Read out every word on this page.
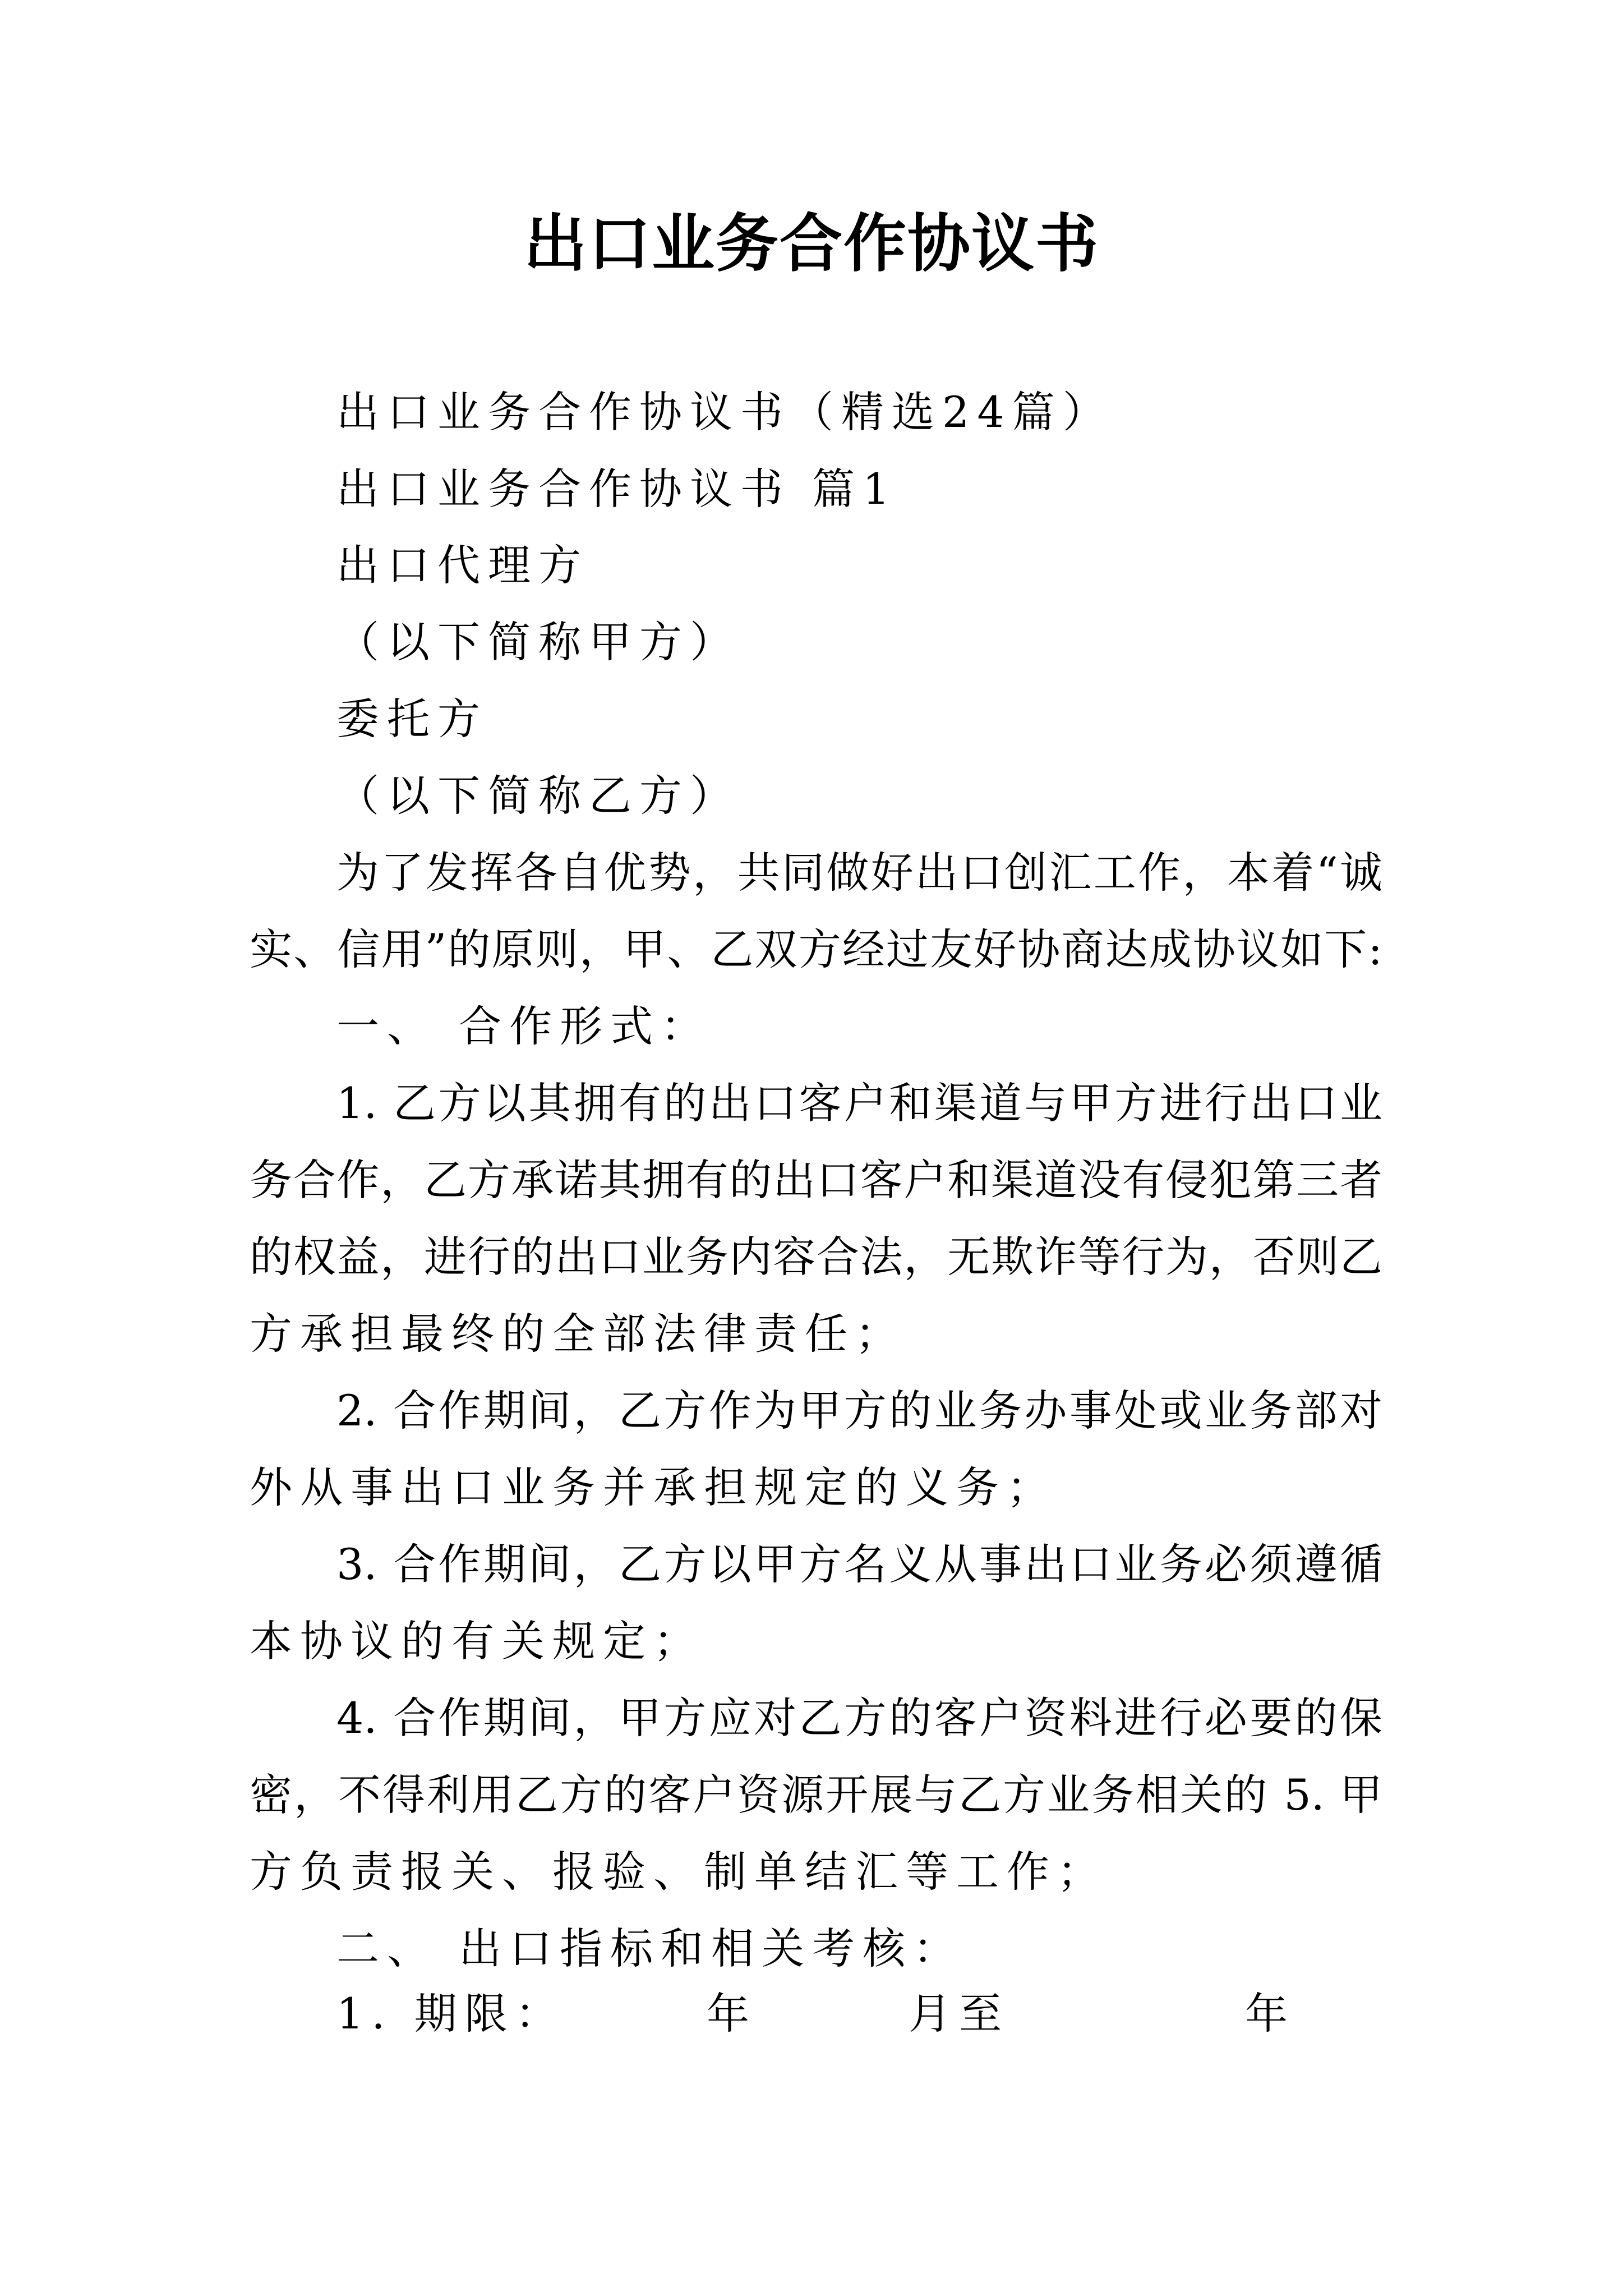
出口业务合作协议书
出口业务合作协议书（精选24篇）
出口业务合作协议书 篇1
出口代理方
（以下简称甲方）
委托方
（以下简称乙方）
为了发挥各自优势，共同做好出口创汇工作，本着“诚
实、信用”的原则，甲、乙双方经过友好协商达成协议如下:
一、 合作形式：
1. 乙方以其拥有的出口客户和渠道与甲方进行出口业
务合作，乙方承诺其拥有的出口客户和渠道没有侵犯第三者
的权益，进行的出口业务内容合法，无欺诈等行为，否则乙
方承担最终的全部法律责任；
2. 合作期间，乙方作为甲方的业务办事处或业务部对
外从事出口业务并承担规定的义务；
3. 合作期间，乙方以甲方名义从事出口业务必须遵循
本协议的有关规定；
4. 合作期间，甲方应对乙方的客户资料进行必要的保
密，不得利用乙方的客户资源开展与乙方业务相关的 5. 甲
方负责报关、报验、制单结汇等工作；
二、 出口指标和相关考核：
1. 期限：	年	月至	年
